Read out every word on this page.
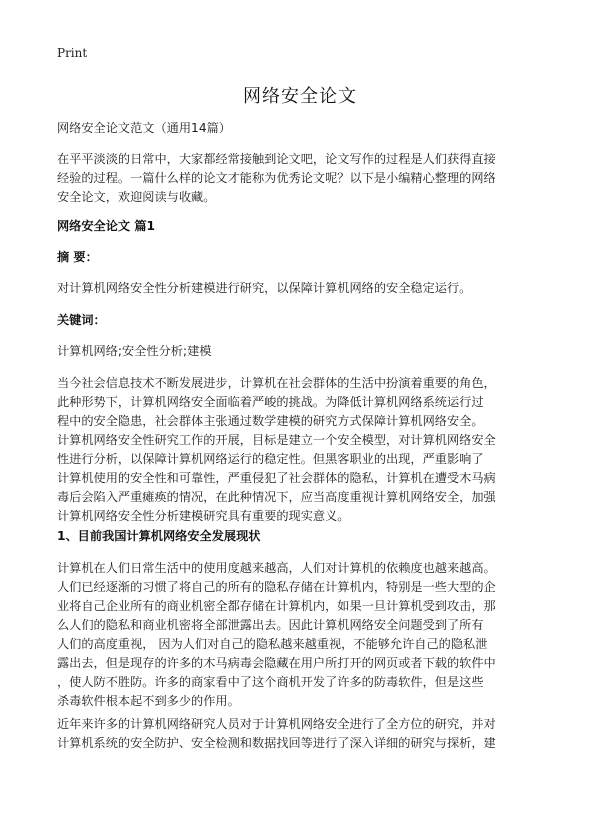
Print
网络安全论文
网络安全论文范文（通用14篇）
在平平淡淡的日常中，大家都经常接触到论文吧，论文写作的过程是人们获得直接
经验的过程。一篇什么样的论文才能称为优秀论文呢？以下是小编精心整理的网络
安全论文，欢迎阅读与收藏。
网络安全论文 篇1
摘 要：
对计算机网络安全性分析建模进行研究，以保障计算机网络的安全稳定运行。
关键词：
计算机网络;安全性分析;建模
当今社会信息技术不断发展进步，计算机在社会群体的生活中扮演着重要的角色，
此种形势下，计算机网络安全面临着严峻的挑战。为降低计算机网络系统运行过
程中的安全隐患，社会群体主张通过数学建模的研究方式保障计算机网络安全。
计算机网络安全性研究工作的开展，目标是建立一个安全模型，对计算机网络安全
性进行分析，以保障计算机网络运行的稳定性。但黑客职业的出现，严重影响了
计算机使用的安全性和可靠性，严重侵犯了社会群体的隐私，计算机在遭受木马病
毒后会陷入严重瘫痪的情况，在此种情况下，应当高度重视计算机网络安全，加强
计算机网络安全性分析建模研究具有重要的现实意义。
1、目前我国计算机网络安全发展现状
计算机在人们日常生活中的使用度越来越高，人们对计算机的依赖度也越来越高。
人们已经逐渐的习惯了将自己的所有的隐私存储在计算机内，特别是一些大型的企
业将自己企业所有的商业机密全都存储在计算机内，如果一旦计算机受到攻击，那
么人们的隐私和商业机密将全部泄露出去。因此计算机网络安全问题受到了所有
人们的高度重视， 因为人们对自己的隐私越来越重视，不能够允许自己的隐私泄
露出去，但是现存的许多的木马病毒会隐藏在用户所打开的网页或者下载的软件中
，使人防不胜防。许多的商家看中了这个商机开发了许多的防毒软件，但是这些
杀毒软件根本起不到多少的作用。
近年来许多的计算机网络研究人员对于计算机网络安全进行了全方位的研究，并对
计算机系统的安全防护、安全检测和数据找回等进行了深入详细的研究与探析，建
